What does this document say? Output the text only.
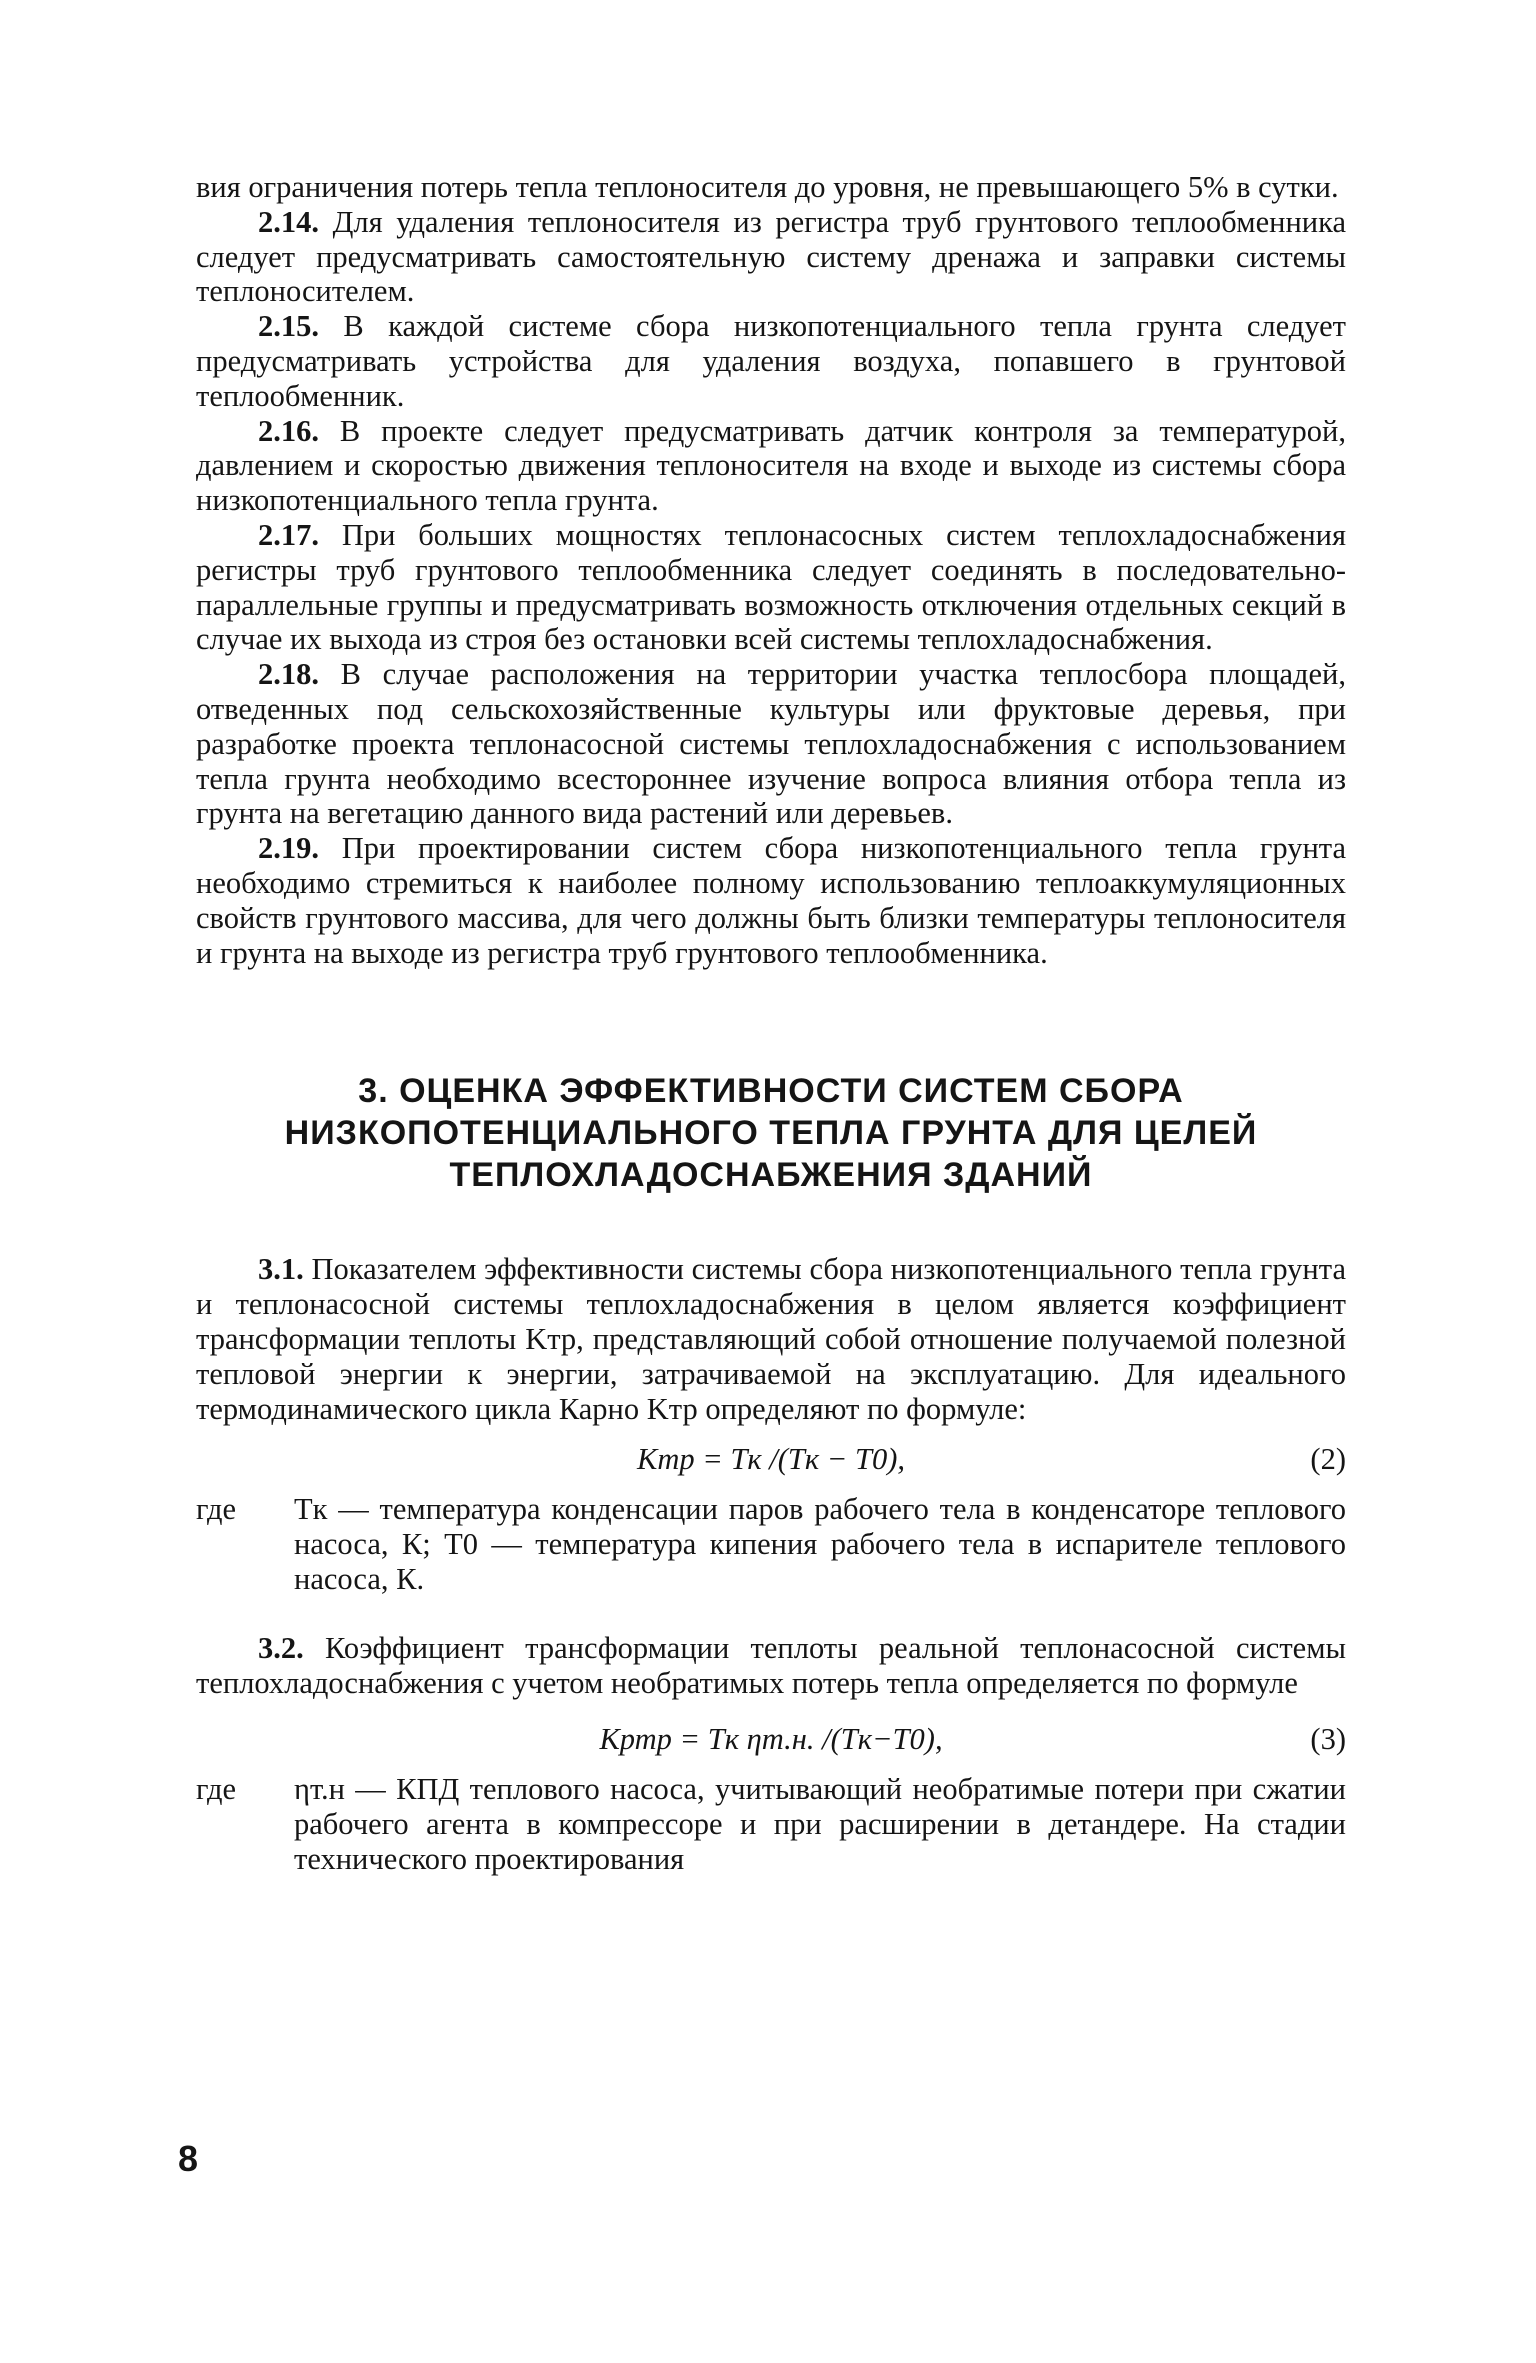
вия ограничения потерь тепла теплоносителя до уровня, не превышающего 5% в сутки.

2.14. Для удаления теплоносителя из регистра труб грунтового теплообменника следует предусматривать самостоятельную систему дренажа и заправки системы теплоносителем.

2.15. В каждой системе сбора низкопотенциального тепла грунта следует предусматривать устройства для удаления воздуха, попавшего в грунтовой теплообменник.

2.16. В проекте следует предусматривать датчик контроля за температурой, давлением и скоростью движения теплоносителя на входе и выходе из системы сбора низкопотенциального тепла грунта.

2.17. При больших мощностях теплонасосных систем теплохладоснабжения регистры труб грунтового теплообменника следует соединять в последовательно-параллельные группы и предусматривать возможность отключения отдельных секций в случае их выхода из строя без остановки всей системы теплохладоснабжения.

2.18. В случае расположения на территории участка теплосбора площадей, отведенных под сельскохозяйственные культуры или фруктовые деревья, при разработке проекта теплонасосной системы теплохладоснабжения с использованием тепла грунта необходимо всестороннее изучение вопроса влияния отбора тепла из грунта на вегетацию данного вида растений или деревьев.

2.19. При проектировании систем сбора низкопотенциального тепла грунта необходимо стремиться к наиболее полному использованию теплоаккумуляционных свойств грунтового массива, для чего должны быть близки температуры теплоносителя и грунта на выходе из регистра труб грунтового теплообменника.

3. ОЦЕНКА ЭФФЕКТИВНОСТИ СИСТЕМ СБОРА
НИЗКОПОТЕНЦИАЛЬНОГО ТЕПЛА ГРУНТА ДЛЯ ЦЕЛЕЙ
ТЕПЛОХЛАДОСНАБЖЕНИЯ ЗДАНИЙ

3.1. Показателем эффективности системы сбора низкопотенциального тепла грунта и теплонасосной системы теплохладоснабжения в целом является коэффициент трансформации теплоты Kтр, представляющий собой отношение получаемой полезной тепловой энергии к энергии, затрачиваемой на эксплуатацию. Для идеального термодинамического цикла Карно Kтр определяют по формуле:

Kтр = Tк /(Tк − T0),	(2)
где	Tк — температура конденсации паров рабочего тела в конденсаторе теплового насоса, К; T0 — температура кипения рабочего тела в испарителе теплового насоса, К.

3.2. Коэффициент трансформации теплоты реальной теплонасосной системы теплохладоснабжения с учетом необратимых потерь тепла определяется по формуле

Kртр = Tк ηт.н. /(Tк−T0),	(3)
где	ηт.н — КПД теплового насоса, учитывающий необратимые потери при сжатии рабочего агента в компрессоре и при расширении в детандере. На стадии технического проектирования
8
